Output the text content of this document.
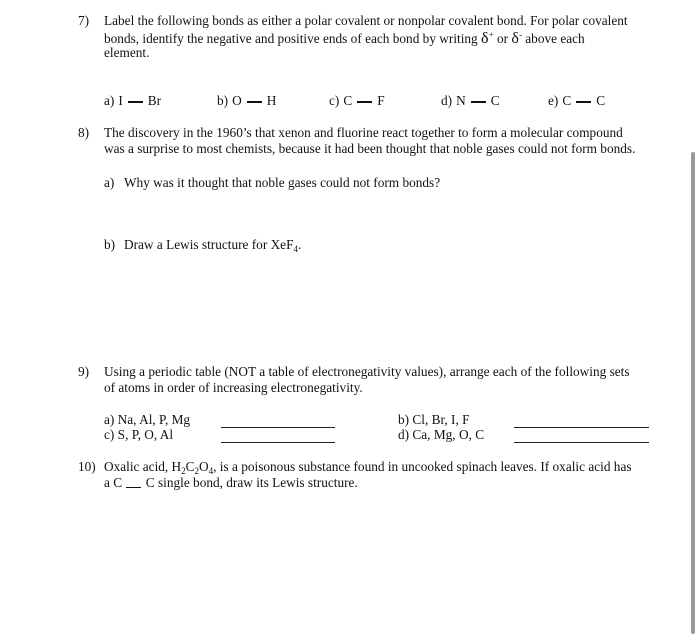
7) Label the following bonds as either a polar covalent or nonpolar covalent bond. For polar covalent
bonds, identify the negative and positive ends of each bond by writing δ+ or δ- above each
element.
a) I Br	b) O H	c) C F	d) N C	e) C C
8) The discovery in the 1960’s that xenon and fluorine react together to form a molecular compound
was a surprise to most chemists, because it had been thought that noble gases could not form bonds.
a) Why was it thought that noble gases could not form bonds?
b) Draw a Lewis structure for XeF$_4$.
9) Using a periodic table (NOT a table of electronegativity values), arrange each of the following sets
of atoms in order of increasing electronegativity.
a) Na, Al, P, Mg	b) Cl, Br, I, F
c) S, P, O, Al	d) Ca, Mg, O, C
10) Oxalic acid, $H_2C_2O_4$, is a poisonous substance found in uncooked spinach leaves. If oxalic acid has
a C C single bond, draw its Lewis structure.
